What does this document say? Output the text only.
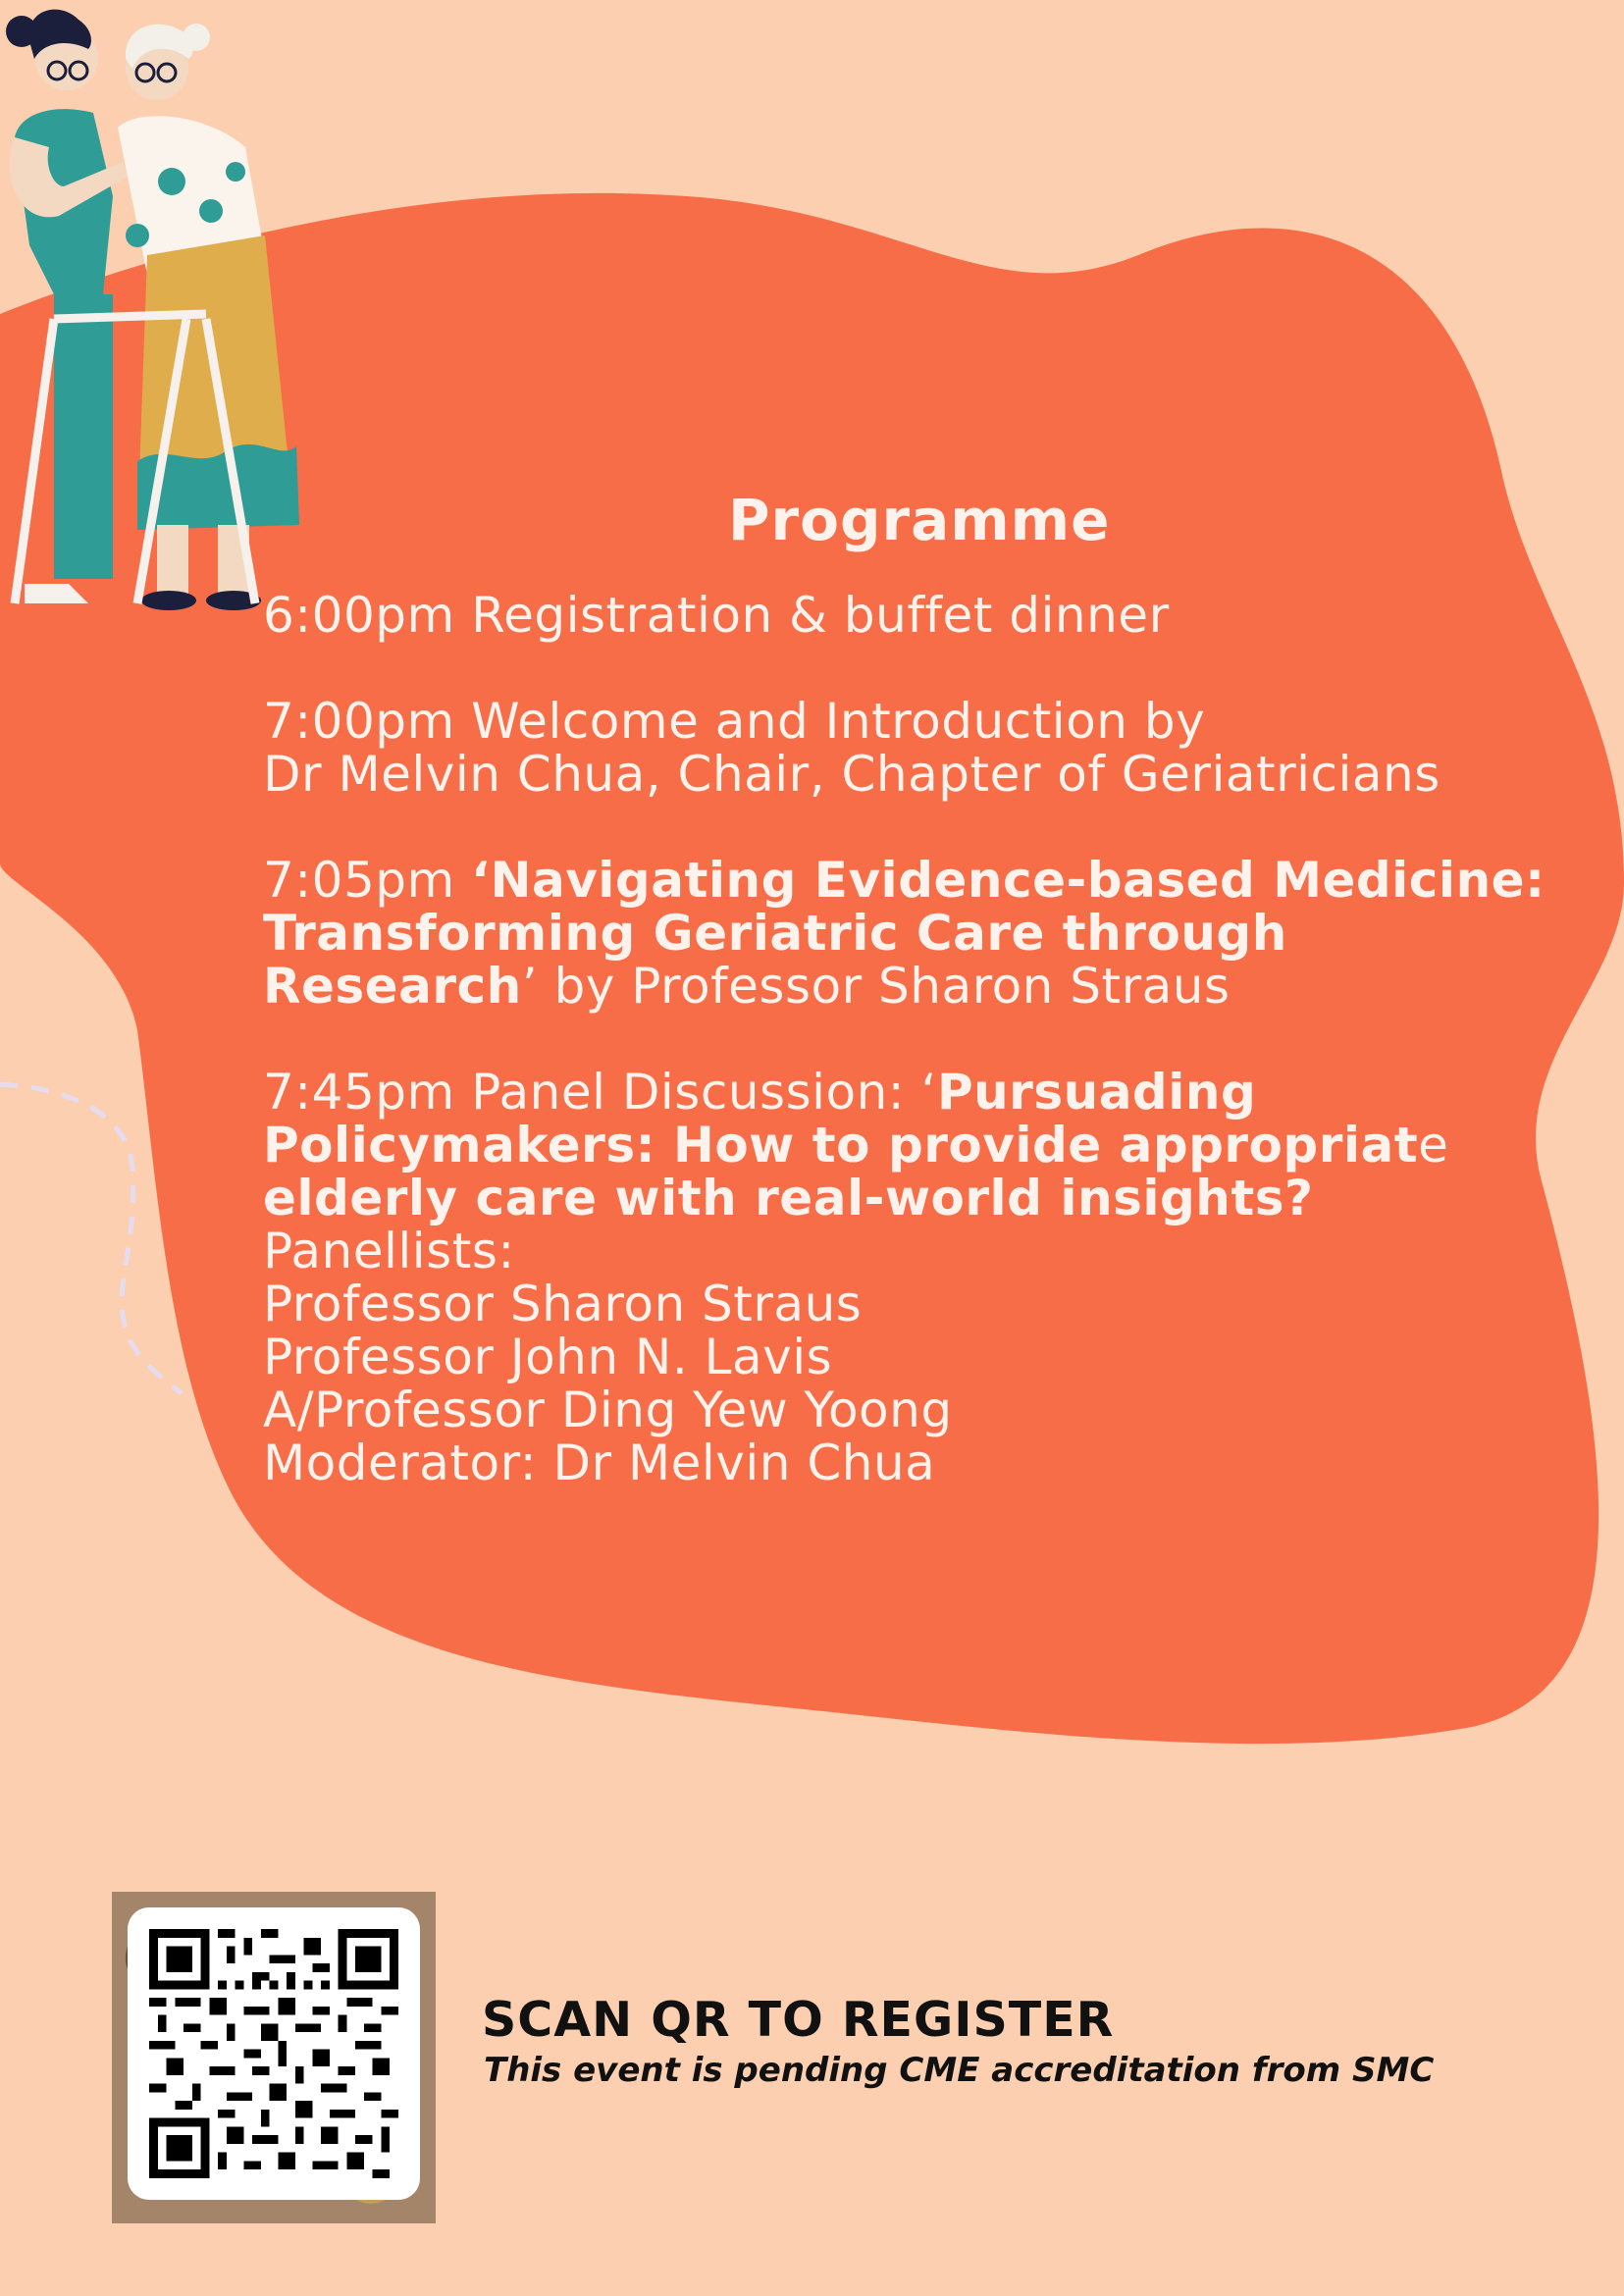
Programme
6:00pm Registration & buffet dinner
7:00pm Welcome and Introduction by
Dr Melvin Chua, Chair, Chapter of Geriatricians
7:05pm ‘Navigating Evidence-based Medicine:
Transforming Geriatric Care through
Research’ by Professor Sharon Straus
7:45pm Panel Discussion: ‘Pursuading
Policymakers: How to provide appropriate
elderly care with real-world insights?
Panellists:
Professor Sharon Straus
Professor John N. Lavis
A/Professor Ding Yew Yoong
Moderator: Dr Melvin Chua
SCAN QR TO REGISTER
This event is pending CME accreditation from SMC
